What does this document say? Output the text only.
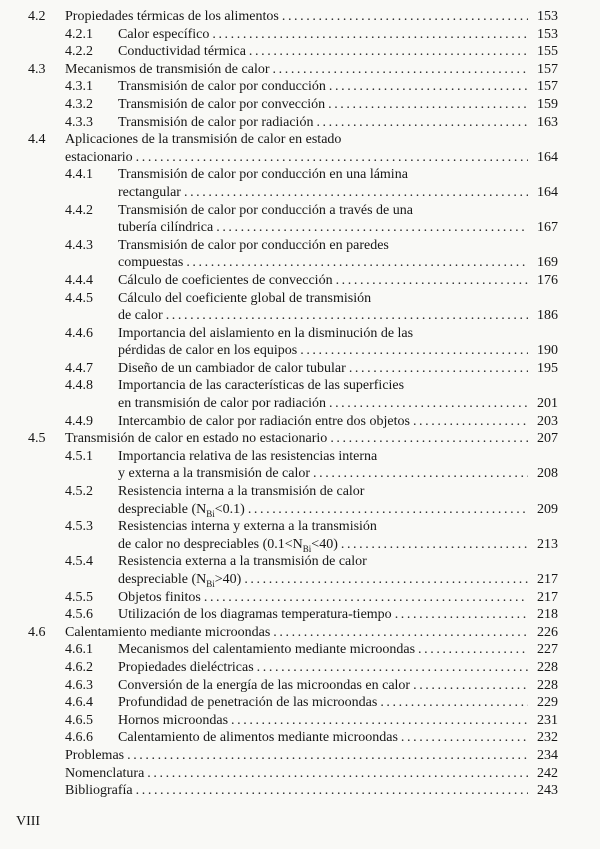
4.2	Propiedades térmicas de los alimentos .....	153
4.2.1	Calor específico .....	153
4.2.2	Conductividad térmica .....	155
4.3	Mecanismos de transmisión de calor .....	157
4.3.1	Transmisión de calor por conducción .....	157
4.3.2	Transmisión de calor por convección .....	159
4.3.3	Transmisión de calor por radiación .....	163
4.4	Aplicaciones de la transmisión de calor en estado
estacionario .....	164
4.4.1	Transmisión de calor por conducción en una lámina
rectangular .....	164
4.4.2	Transmisión de calor por conducción a través de una
tubería cilíndrica .....	167
4.4.3	Transmisión de calor por conducción en paredes
compuestas .....	169
4.4.4	Cálculo de coeficientes de convección .....	176
4.4.5	Cálculo del coeficiente global de transmisión
de calor .....	186
4.4.6	Importancia del aislamiento en la disminución de las
pérdidas de calor en los equipos .....	190
4.4.7	Diseño de un cambiador de calor tubular .....	195
4.4.8	Importancia de las características de las superficies
en transmisión de calor por radiación .....	201
4.4.9	Intercambio de calor por radiación entre dos objetos .....	203
4.5	Transmisión de calor en estado no estacionario .....	207
4.5.1	Importancia relativa de las resistencias interna
y externa a la transmisión de calor .....	208
4.5.2	Resistencia interna a la transmisión de calor
despreciable $(N_{Bi}<0.1)$ .....	209
4.5.3	Resistencias interna y externa a la transmisión
de calor no despreciables $(0.1<N_{Bi}<40)$ .....	213
4.5.4	Resistencia externa a la transmisión de calor
despreciable $(N_{Bi}>40)$ .....	217
4.5.5	Objetos finitos .....	217
4.5.6	Utilización de los diagramas temperatura-tiempo .....	218
4.6	Calentamiento mediante microondas .....	226
4.6.1	Mecanismos del calentamiento mediante microondas .....	227
4.6.2	Propiedades dieléctricas .....	228
4.6.3	Conversión de la energía de las microondas en calor .....	228
4.6.4	Profundidad de penetración de las microondas .....	229
4.6.5	Hornos microondas .....	231
4.6.6	Calentamiento de alimentos mediante microondas .....	232
Problemas .....	234
Nomenclatura .....	242
Bibliografía .....	243
VIII
